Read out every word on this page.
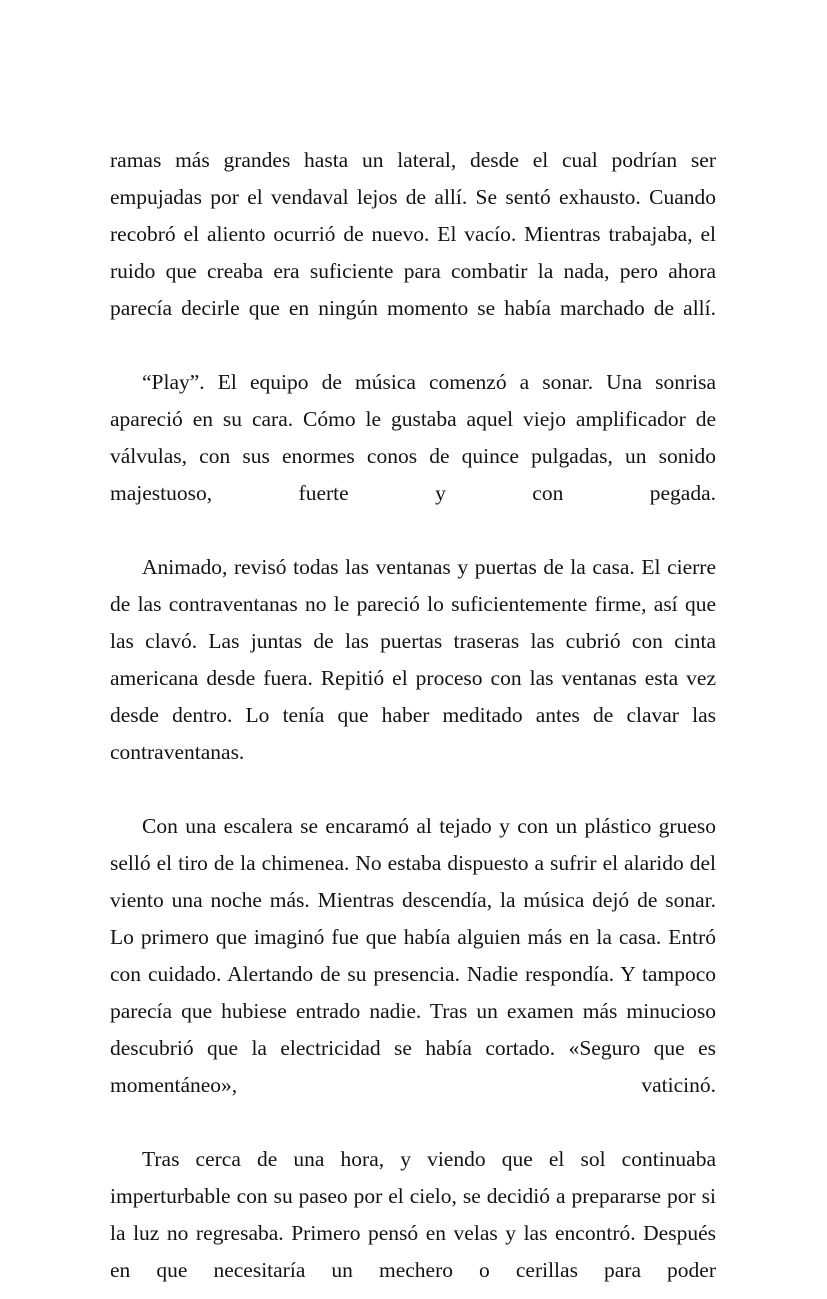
ramas más grandes hasta un lateral, desde el cual podrían ser empujadas por el vendaval lejos de allí. Se sentó exhausto. Cuando recobró el aliento ocurrió de nuevo. El vacío. Mientras trabajaba, el ruido que creaba era suficiente para combatir la nada, pero ahora parecía decirle que en ningún momento se había marchado de allí.

“Play”. El equipo de música comenzó a sonar. Una sonrisa apareció en su cara. Cómo le gustaba aquel viejo amplificador de válvulas, con sus enormes conos de quince pulgadas, un sonido majestuoso, fuerte y con pegada.

Animado, revisó todas las ventanas y puertas de la casa. El cierre de las contraventanas no le pareció lo suficientemente firme, así que las clavó. Las juntas de las puertas traseras las cubrió con cinta americana desde fuera. Repitió el proceso con las ventanas esta vez desde dentro. Lo tenía que haber meditado antes de clavar las contraventanas.

Con una escalera se encaramó al tejado y con un plástico grueso selló el tiro de la chimenea. No estaba dispuesto a sufrir el alarido del viento una noche más. Mientras descendía, la música dejó de sonar. Lo primero que imaginó fue que había alguien más en la casa. Entró con cuidado. Alertando de su presencia. Nadie respondía. Y tampoco parecía que hubiese entrado nadie. Tras un examen más minucioso descubrió que la electricidad se había cortado. «Seguro que es momentáneo», vaticinó.

Tras cerca de una hora, y viendo que el sol continuaba imperturbable con su paseo por el cielo, se decidió a prepararse por si la luz no regresaba. Primero pensó en velas y las encontró. Después en que necesitaría un mechero o cerillas para poder
